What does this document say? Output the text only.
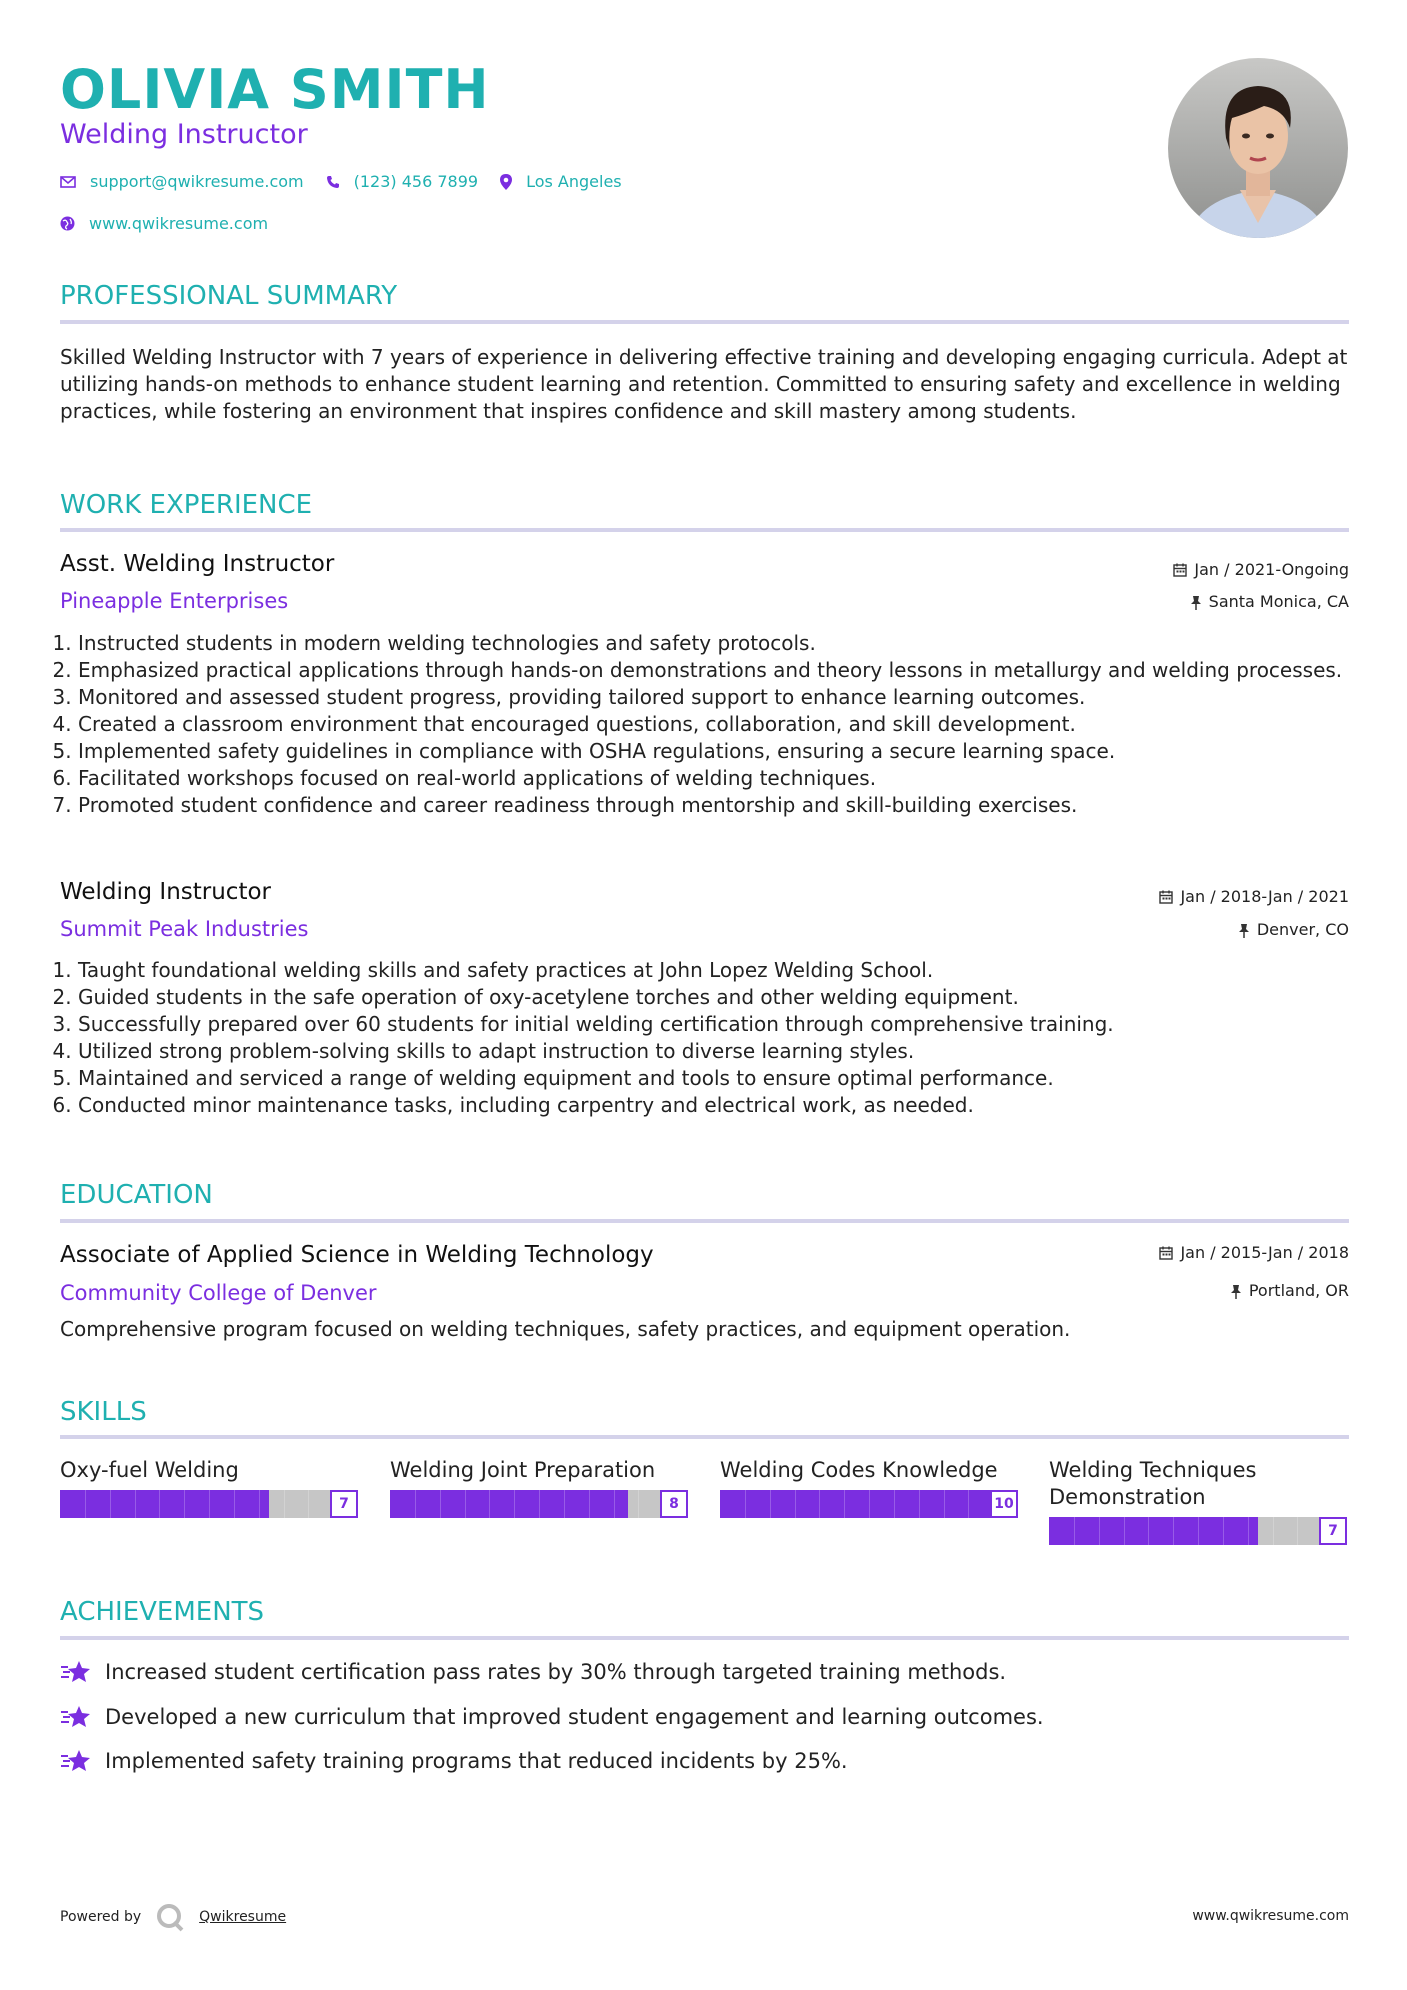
OLIVIA SMITH
Welding Instructor
support@qwikresume.com	(123) 456 7899	Los Angeles
www.qwikresume.com
PROFESSIONAL SUMMARY
Skilled Welding Instructor with 7 years of experience in delivering effective training and developing engaging curricula. Adept at utilizing hands-on methods to enhance student learning and retention. Committed to ensuring safety and excellence in welding practices, while fostering an environment that inspires confidence and skill mastery among students.
WORK EXPERIENCE
Asst. Welding Instructor
Pineapple Enterprises
Jan / 2021-Ongoing
Santa Monica, CA
1. Instructed students in modern welding technologies and safety protocols.
2. Emphasized practical applications through hands-on demonstrations and theory lessons in metallurgy and welding processes.
3. Monitored and assessed student progress, providing tailored support to enhance learning outcomes.
4. Created a classroom environment that encouraged questions, collaboration, and skill development.
5. Implemented safety guidelines in compliance with OSHA regulations, ensuring a secure learning space.
6. Facilitated workshops focused on real-world applications of welding techniques.
7. Promoted student confidence and career readiness through mentorship and skill-building exercises.
Welding Instructor
Summit Peak Industries
Jan / 2018-Jan / 2021
Denver, CO
1. Taught foundational welding skills and safety practices at John Lopez Welding School.
2. Guided students in the safe operation of oxy-acetylene torches and other welding equipment.
3. Successfully prepared over 60 students for initial welding certification through comprehensive training.
4. Utilized strong problem-solving skills to adapt instruction to diverse learning styles.
5. Maintained and serviced a range of welding equipment and tools to ensure optimal performance.
6. Conducted minor maintenance tasks, including carpentry and electrical work, as needed.
EDUCATION
Associate of Applied Science in Welding Technology
Community College of Denver
Jan / 2015-Jan / 2018
Portland, OR
Comprehensive program focused on welding techniques, safety practices, and equipment operation.
SKILLS
Oxy-fuel Welding
7
Welding Joint Preparation
8
Welding Codes Knowledge
10
Welding Techniques Demonstration
7
ACHIEVEMENTS
Increased student certification pass rates by 30% through targeted training methods.
Developed a new curriculum that improved student engagement and learning outcomes.
Implemented safety training programs that reduced incidents by 25%.
Powered by	Qwikresume	www.qwikresume.com
